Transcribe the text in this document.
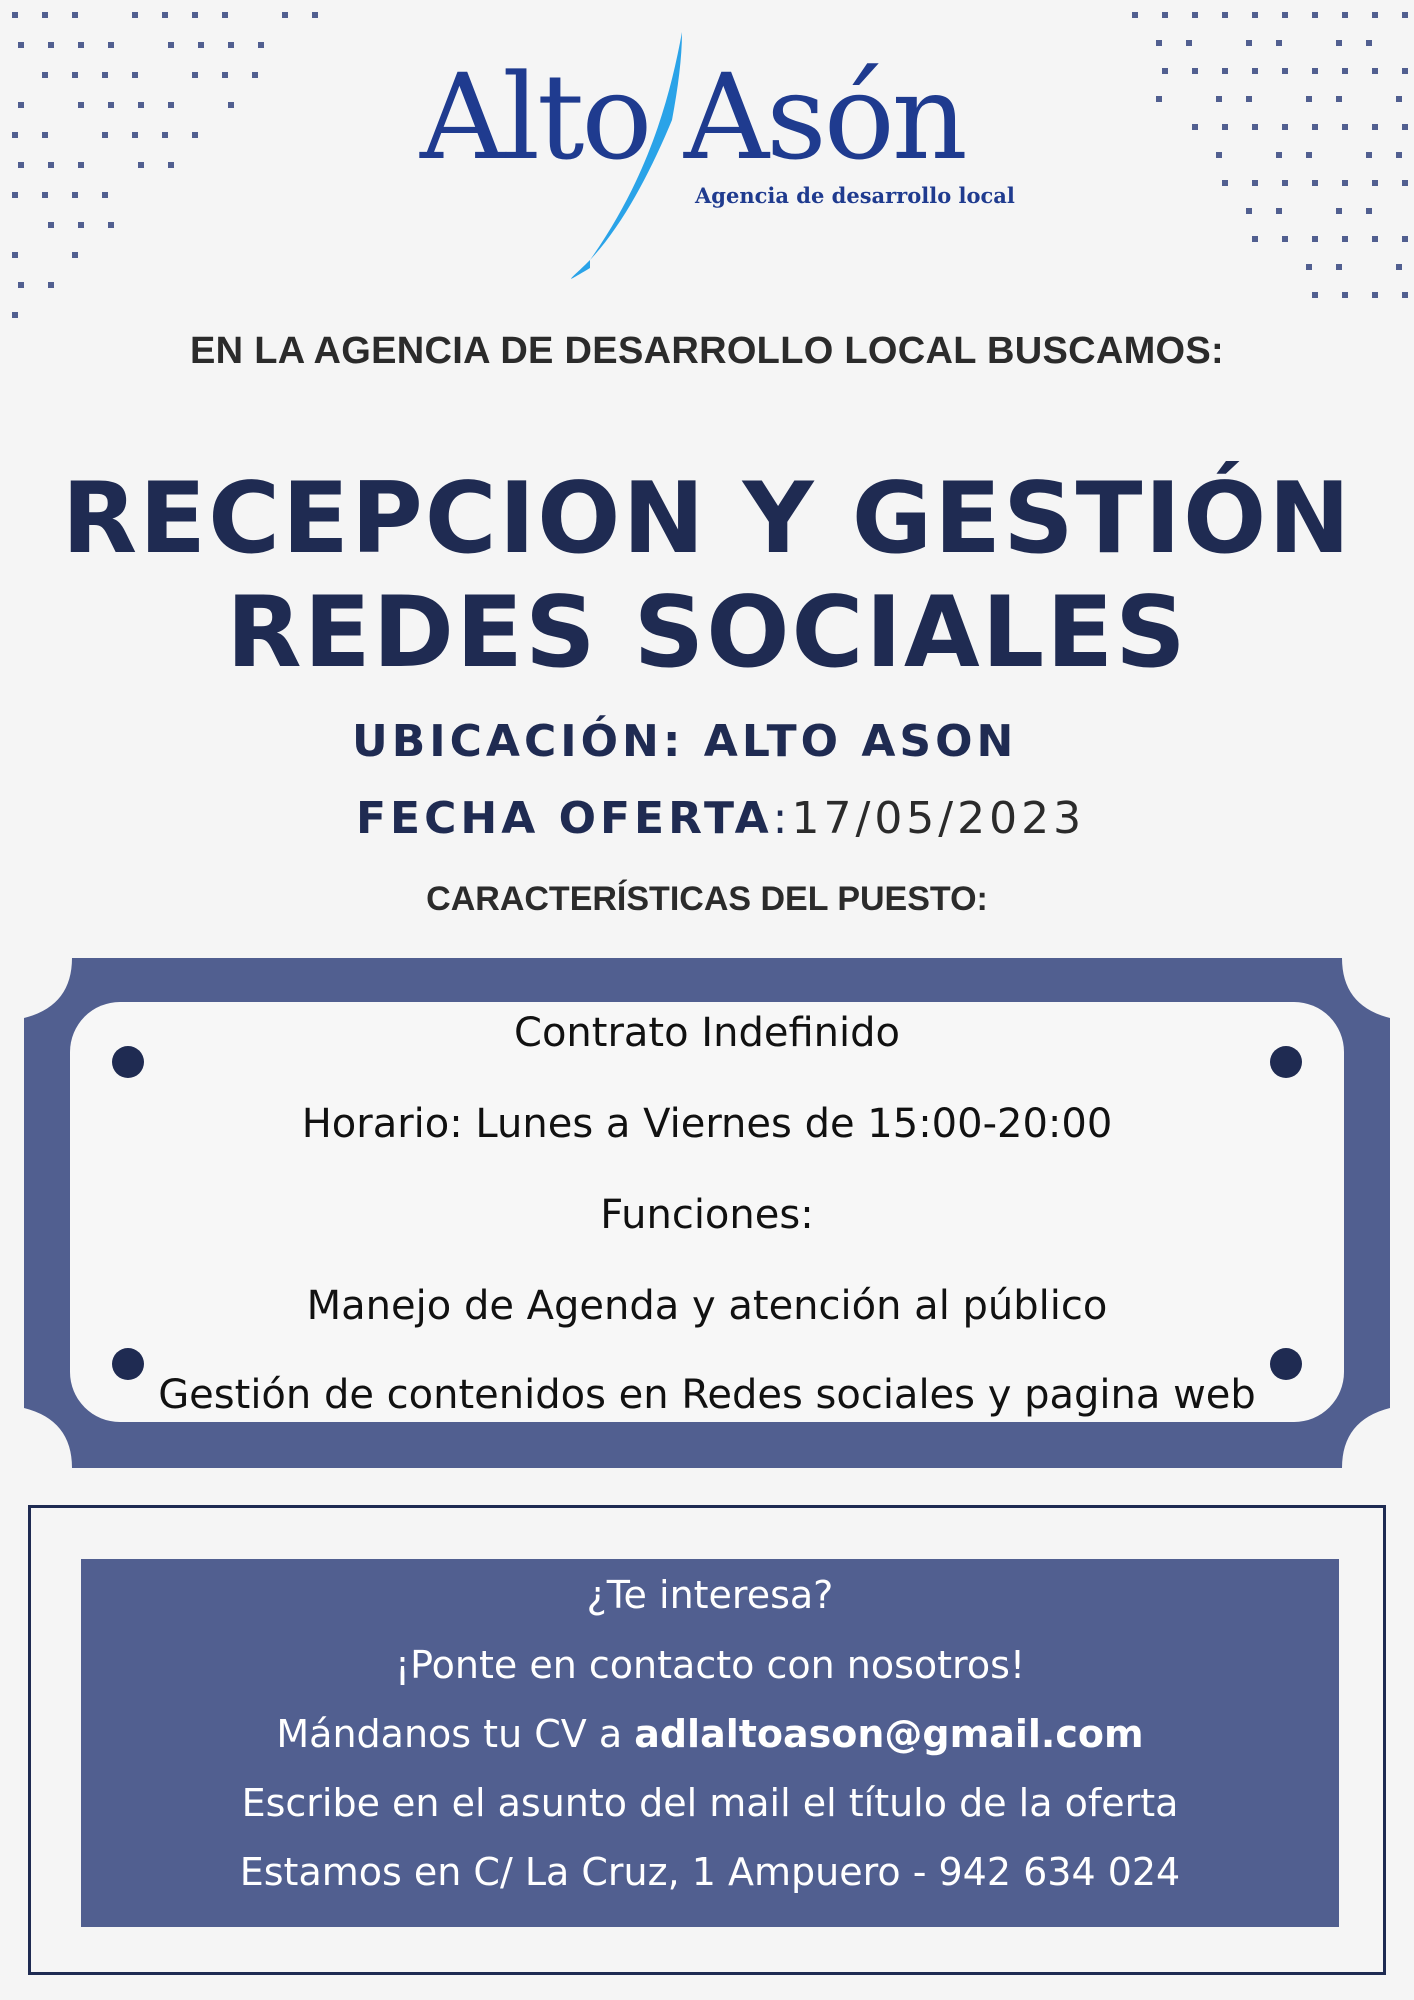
Alto Asón
Agencia de desarrollo local
EN LA AGENCIA DE DESARROLLO LOCAL BUSCAMOS:
RECEPCION Y GESTIÓN
REDES SOCIALES
UBICACIÓN: ALTO ASON
FECHA OFERTA:17/05/2023
CARACTERÍSTICAS DEL PUESTO:
Contrato Indefinido
Horario: Lunes a Viernes de 15:00-20:00
Funciones:
Manejo de Agenda y atención al público
Gestión de contenidos en Redes sociales y pagina web
¿Te interesa?
¡Ponte en contacto con nosotros!
Mándanos tu CV a adlaltoason@gmail.com
Escribe en el asunto del mail el título de la oferta
Estamos en C/ La Cruz, 1 Ampuero - 942 634 024
